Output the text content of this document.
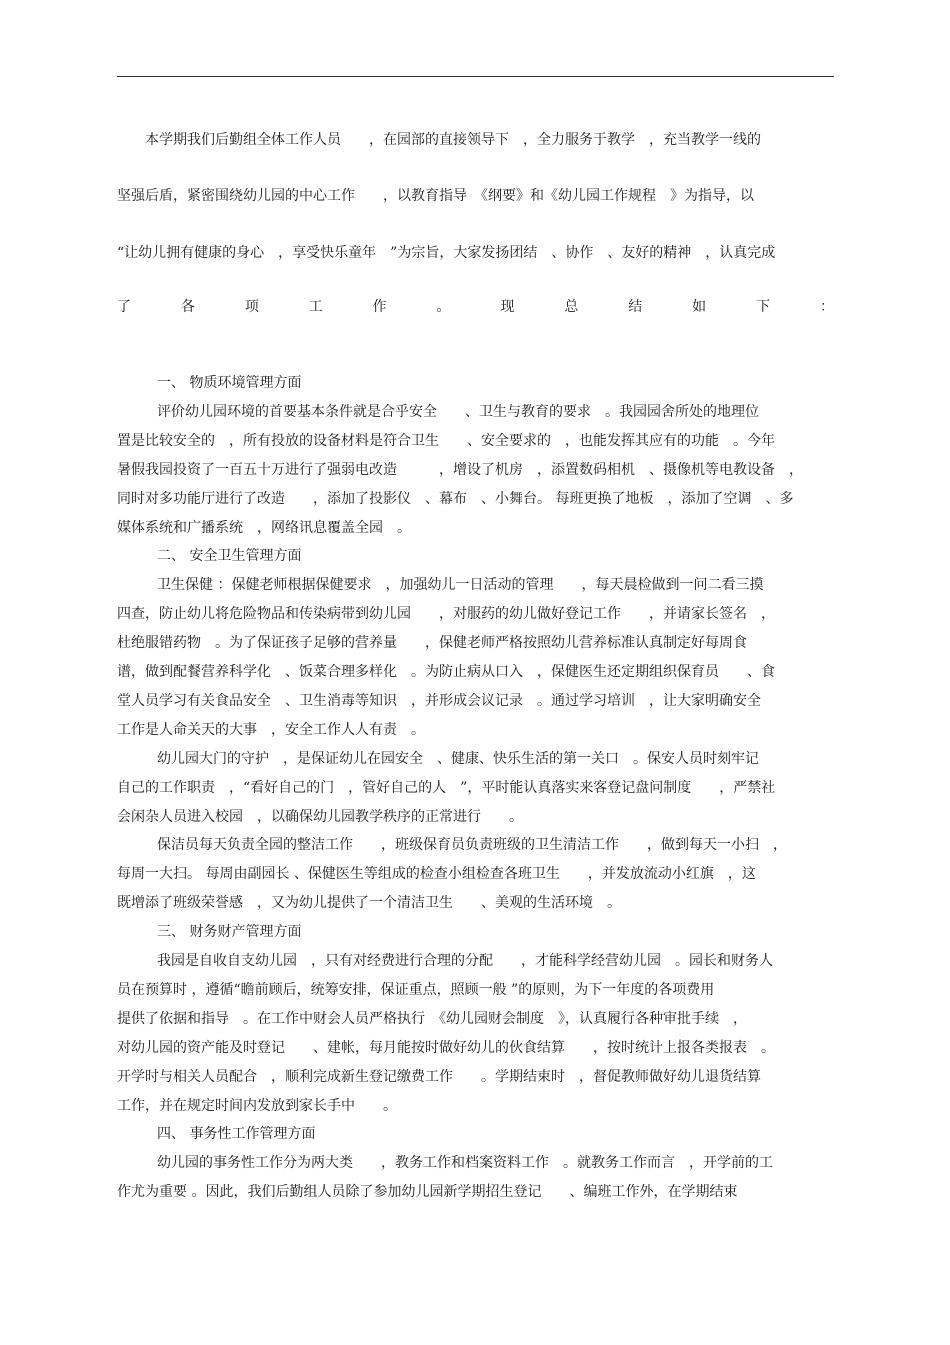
　　本学期我们后勤组全体工作人员　　，在园部的直接领导下　，全力服务于教学　，充当教学一线的
坚强后盾，紧密围绕幼儿园的中心工作　　，以教育指导　《纲要》和《幼儿园工作规程　》为指导，以
“让幼儿拥有健康的身心　，享受快乐童年　”为宗旨，大家发扬团结　、协作　、友好的精神　，认真完成
了	各	项	工	作	。	现	总	结	如	下	：
一、 物质环境管理方面
评价幼儿园环境的首要基本条件就是合乎安全　　、卫生与教育的要求　。我园园舍所处的地理位
置是比较安全的　，所有投放的设备材料是符合卫生　　、安全要求的　，也能发挥其应有的功能　。今年
暑假我园投资了一百五十万进行了强弱电改造　　　，增设了机房　，添置数码相机　、摄像机等电教设备　，
同时对多功能厅进行了改造　　，添加了投影仪　、幕布　、小舞台。 每班更换了地板　，添加了空调　、多
媒体系统和广播系统　，网络讯息覆盖全园　。
二、 安全卫生管理方面
卫生保健 ：保健老师根据保健要求　，加强幼儿一日活动的管理　　，每天晨检做到一问二看三摸
四查，防止幼儿将危险物品和传染病带到幼儿园　　，对服药的幼儿做好登记工作　　，并请家长签名　，
杜绝服错药物　。为了保证孩子足够的营养量　　，保健老师严格按照幼儿营养标准认真制定好每周食
谱，做到配餐营养科学化　、饭菜合理多样化　。为防止病从口入　，保健医生还定期组织保育员　　、食
堂人员学习有关食品安全　、卫生消毒等知识　，并形成会议记录　。通过学习培训　，让大家明确安全
工作是人命关天的大事　，安全工作人人有责　。
幼儿园大门的守护　，是保证幼儿在园安全　、健康、快乐生活的第一关口　。保安人员时刻牢记
自己的工作职责　，“看好自己的门　，管好自己的人　”，平时能认真落实来客登记盘问制度　　，严禁社
会闲杂人员进入校园　，以确保幼儿园教学秩序的正常进行　　。
保洁员每天负责全园的整洁工作　　，班级保育员负责班级的卫生清洁工作　　，做到每天一小扫　，
每周一大扫。 每周由副园长 、保健医生等组成的检查小组检查各班卫生　　，并发放流动小红旗　，这
既增添了班级荣誉感　，又为幼儿提供了一个清洁卫生　　、美观的生活环境　。
三、 财务财产管理方面
我园是自收自支幼儿园　，只有对经费进行合理的分配　　，才能科学经营幼儿园　。园长和财务人
员在预算时 ，遵循“瞻前顾后，统筹安排，保证重点，照顾一般 ”的原则，为下一年度的各项费用
提供了依据和指导　。在工作中财会人员严格执行　《幼儿园财会制度　》，认真履行各种审批手续　，
对幼儿园的资产能及时登记　　、建帐，每月能按时做好幼儿的伙食结算　　，按时统计上报各类报表　。
开学时与相关人员配合　，顺利完成新生登记缴费工作　　。学期结束时　，督促教师做好幼儿退货结算
工作，并在规定时间内发放到家长手中　　。
四、 事务性工作管理方面
幼儿园的事务性工作分为两大类　　，教务工作和档案资料工作　。就教务工作而言　，开学前的工
作尤为重要 。因此，我们后勤组人员除了参加幼儿园新学期招生登记　　、编班工作外，在学期结束
